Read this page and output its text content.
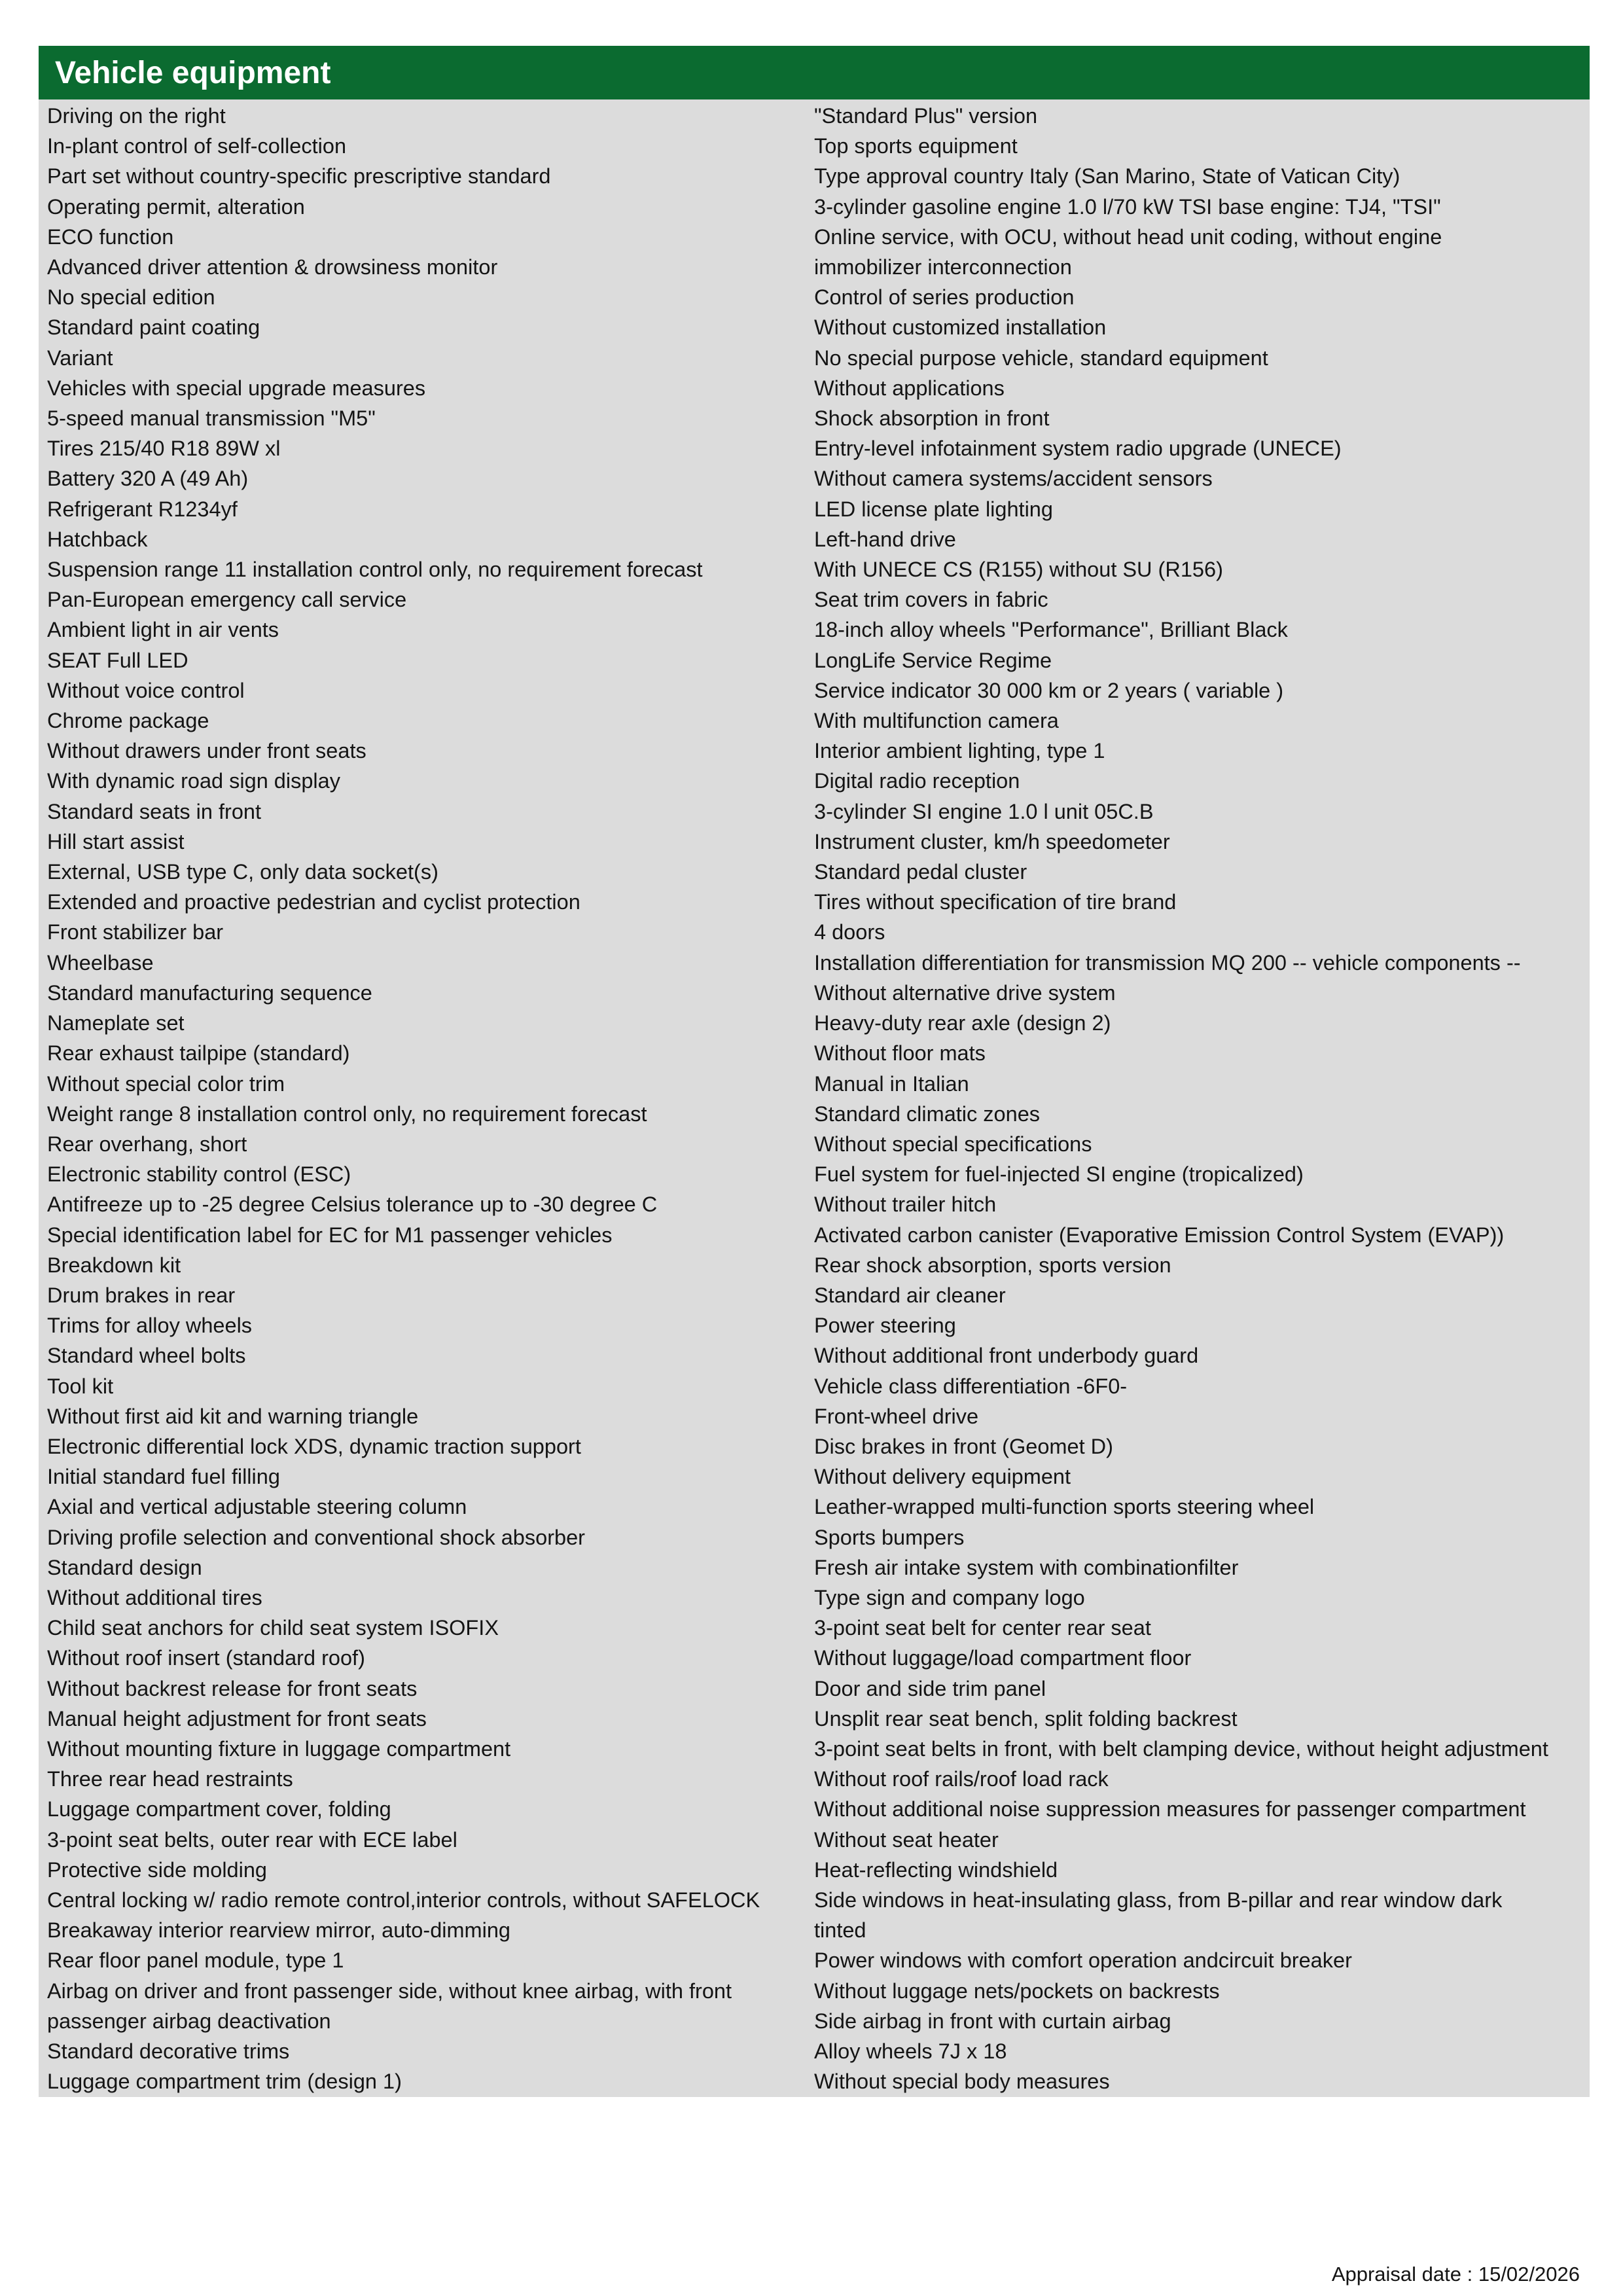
Vehicle equipment
Driving on the right
In-plant control of self-collection
Part set without country-specific prescriptive standard
Operating permit, alteration
ECO function
Advanced driver attention & drowsiness monitor
No special edition
Standard paint coating
Variant
Vehicles with special upgrade measures
5-speed manual transmission "M5"
Tires 215/40 R18 89W xl
Battery 320 A (49 Ah)
Refrigerant R1234yf
Hatchback
Suspension range 11 installation control only, no requirement forecast
Pan-European emergency call service
Ambient light in air vents
SEAT Full LED
Without voice control
Chrome package
Without drawers under front seats
With dynamic road sign display
Standard seats in front
Hill start assist
External, USB type C, only data socket(s)
Extended and proactive pedestrian and cyclist protection
Front stabilizer bar
Wheelbase
Standard manufacturing sequence
Nameplate set
Rear exhaust tailpipe (standard)
Without special color trim
Weight range 8 installation control only, no requirement forecast
Rear overhang, short
Electronic stability control (ESC)
Antifreeze up to -25 degree Celsius tolerance up to -30 degree C
Special identification label for EC for M1 passenger vehicles
Breakdown kit
Drum brakes in rear
Trims for alloy wheels
Standard wheel bolts
Tool kit
Without first aid kit and warning triangle
Electronic differential lock XDS, dynamic traction support
Initial standard fuel filling
Axial and vertical adjustable steering column
Driving profile selection and conventional shock absorber
Standard design
Without additional tires
Child seat anchors for child seat system ISOFIX
Without roof insert (standard roof)
Without backrest release for front seats
Manual height adjustment for front seats
Without mounting fixture in luggage compartment
Three rear head restraints
Luggage compartment cover, folding
3-point seat belts, outer rear with ECE label
Protective side molding
Central locking w/ radio remote control,interior controls, without SAFELOCK
Breakaway interior rearview mirror, auto-dimming
Rear floor panel module, type 1
Airbag on driver and front passenger side, without knee airbag, with front
passenger airbag deactivation
Standard decorative trims
Luggage compartment trim (design 1)
"Standard Plus" version
Top sports equipment
Type approval country Italy (San Marino, State of Vatican City)
3-cylinder gasoline engine 1.0 l/70 kW TSI base engine: TJ4, "TSI"
Online service, with OCU, without head unit coding, without engine
immobilizer interconnection
Control of series production
Without customized installation
No special purpose vehicle, standard equipment
Without applications
Shock absorption in front
Entry-level infotainment system radio upgrade (UNECE)
Without camera systems/accident sensors
LED license plate lighting
Left-hand drive
With UNECE CS (R155) without SU (R156)
Seat trim covers in fabric
18-inch alloy wheels "Performance", Brilliant Black
LongLife Service Regime
Service indicator 30 000 km or 2 years ( variable )
With multifunction camera
Interior ambient lighting, type 1
Digital radio reception
3-cylinder SI engine 1.0 l unit 05C.B
Instrument cluster, km/h speedometer
Standard pedal cluster
Tires without specification of tire brand
4 doors
Installation differentiation for transmission MQ 200 -- vehicle components --
Without alternative drive system
Heavy-duty rear axle (design 2)
Without floor mats
Manual in Italian
Standard climatic zones
Without special specifications
Fuel system for fuel-injected SI engine (tropicalized)
Without trailer hitch
Activated carbon canister (Evaporative Emission Control System (EVAP))
Rear shock absorption, sports version
Standard air cleaner
Power steering
Without additional front underbody guard
Vehicle class differentiation -6F0-
Front-wheel drive
Disc brakes in front (Geomet D)
Without delivery equipment
Leather-wrapped multi-function sports steering wheel
Sports bumpers
Fresh air intake system with combinationfilter
Type sign and company logo
3-point seat belt for center rear seat
Without luggage/load compartment floor
Door and side trim panel
Unsplit rear seat bench, split folding backrest
3-point seat belts in front, with belt clamping device, without height adjustment
Without roof rails/roof load rack
Without additional noise suppression measures for passenger compartment
Without seat heater
Heat-reflecting windshield
Side windows in heat-insulating glass, from B-pillar and rear window dark
tinted
Power windows with comfort operation andcircuit breaker
Without luggage nets/pockets on backrests
Side airbag in front with curtain airbag
Alloy wheels 7J x 18
Without special body measures
Appraisal date : 15/02/2026
